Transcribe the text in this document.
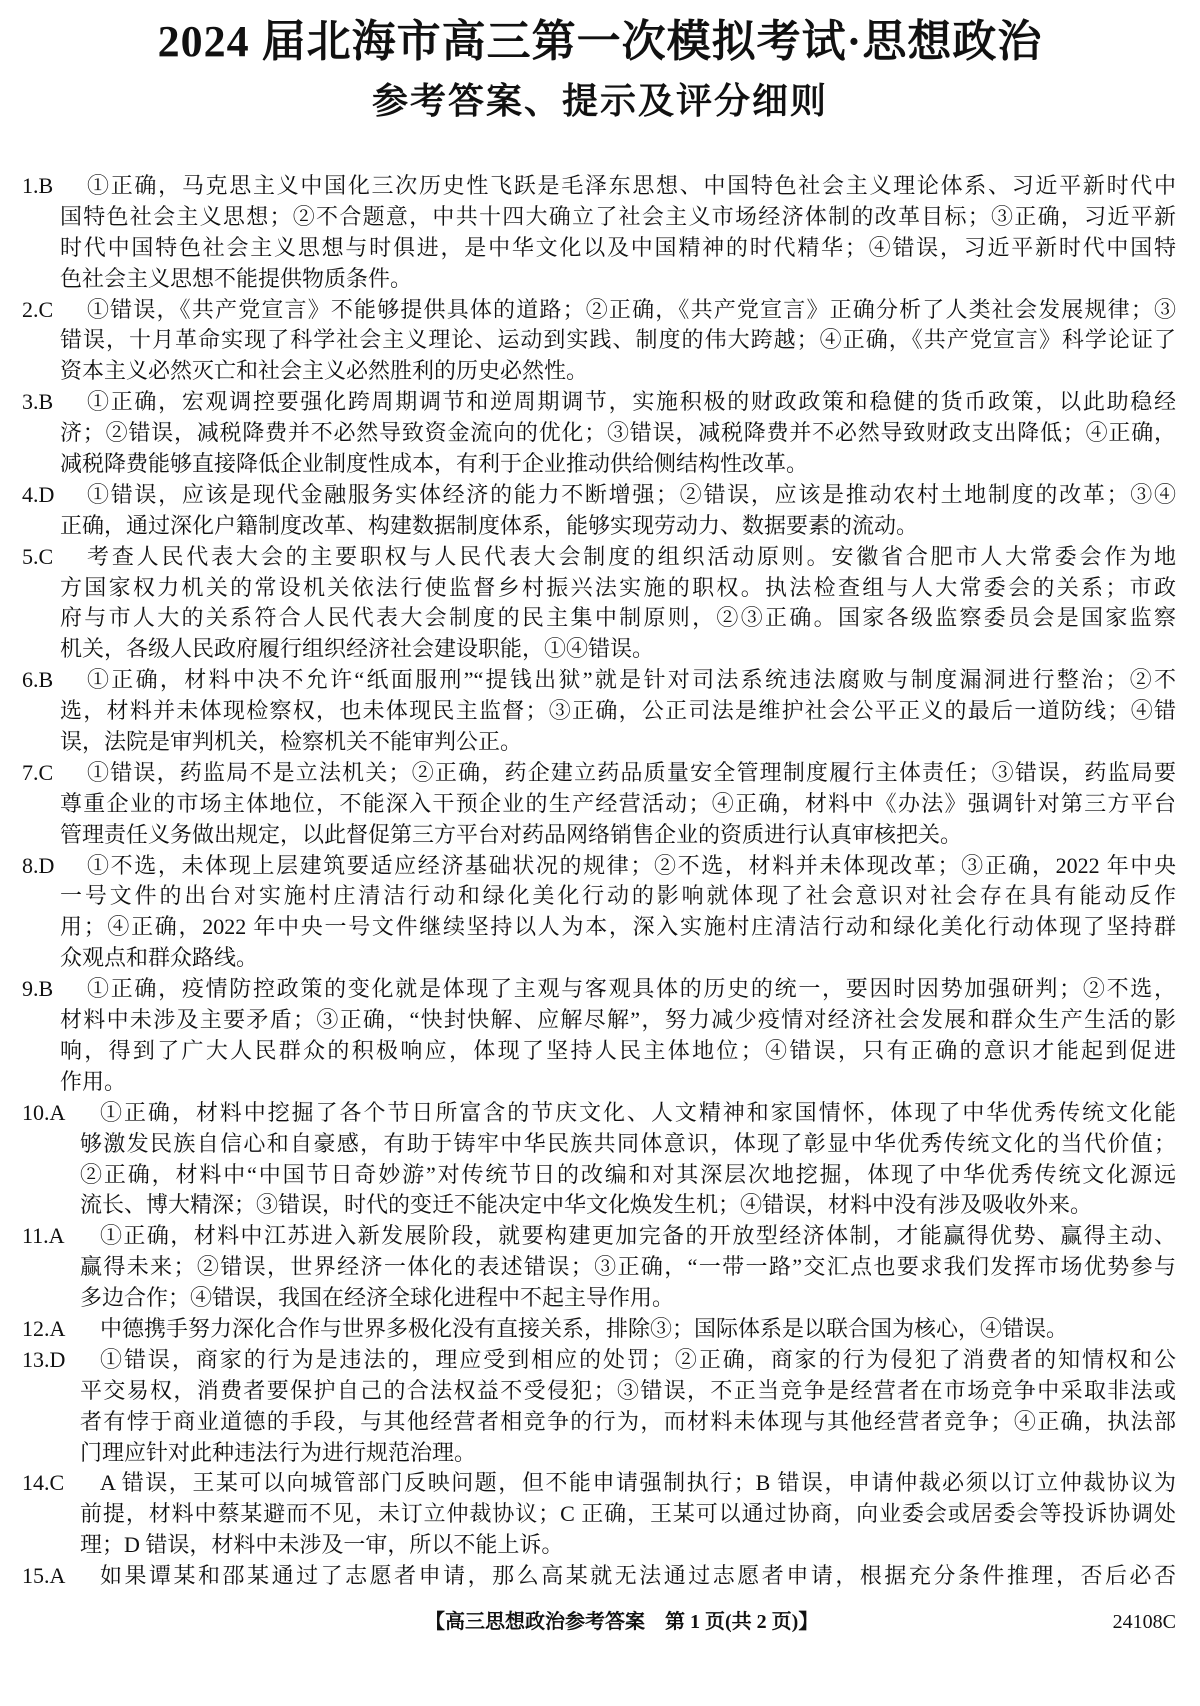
2024 届北海市高三第一次模拟考试·思想政治
参考答案、提示及评分细则
1.B	①正确，马克思主义中国化三次历史性飞跃是毛泽东思想、中国特色社会主义理论体系、习近平新时代中
国特色社会主义思想；②不合题意，中共十四大确立了社会主义市场经济体制的改革目标；③正确，习近平新
时代中国特色社会主义思想与时俱进，是中华文化以及中国精神的时代精华；④错误，习近平新时代中国特
色社会主义思想不能提供物质条件。
2.C	①错误，《共产党宣言》不能够提供具体的道路；②正确，《共产党宣言》正确分析了人类社会发展规律；③
错误，十月革命实现了科学社会主义理论、运动到实践、制度的伟大跨越；④正确，《共产党宣言》科学论证了
资本主义必然灭亡和社会主义必然胜利的历史必然性。
3.B	①正确，宏观调控要强化跨周期调节和逆周期调节，实施积极的财政政策和稳健的货币政策，以此助稳经
济；②错误，减税降费并不必然导致资金流向的优化；③错误，减税降费并不必然导致财政支出降低；④正确，
减税降费能够直接降低企业制度性成本，有利于企业推动供给侧结构性改革。
4.D	①错误，应该是现代金融服务实体经济的能力不断增强；②错误，应该是推动农村土地制度的改革；③④
正确，通过深化户籍制度改革、构建数据制度体系，能够实现劳动力、数据要素的流动。
5.C	考查人民代表大会的主要职权与人民代表大会制度的组织活动原则。安徽省合肥市人大常委会作为地
方国家权力机关的常设机关依法行使监督乡村振兴法实施的职权。执法检查组与人大常委会的关系；市政
府与市人大的关系符合人民代表大会制度的民主集中制原则，②③正确。国家各级监察委员会是国家监察
机关，各级人民政府履行组织经济社会建设职能，①④错误。
6.B	①正确，材料中决不允许“纸面服刑”“提钱出狱”就是针对司法系统违法腐败与制度漏洞进行整治；②不
选，材料并未体现检察权，也未体现民主监督；③正确，公正司法是维护社会公平正义的最后一道防线；④错
误，法院是审判机关，检察机关不能审判公正。
7.C	①错误，药监局不是立法机关；②正确，药企建立药品质量安全管理制度履行主体责任；③错误，药监局要
尊重企业的市场主体地位，不能深入干预企业的生产经营活动；④正确，材料中《办法》强调针对第三方平台
管理责任义务做出规定，以此督促第三方平台对药品网络销售企业的资质进行认真审核把关。
8.D	①不选，未体现上层建筑要适应经济基础状况的规律；②不选，材料并未体现改革；③正确，2022 年中央
一号文件的出台对实施村庄清洁行动和绿化美化行动的影响就体现了社会意识对社会存在具有能动反作
用；④正确，2022 年中央一号文件继续坚持以人为本，深入实施村庄清洁行动和绿化美化行动体现了坚持群
众观点和群众路线。
9.B	①正确，疫情防控政策的变化就是体现了主观与客观具体的历史的统一，要因时因势加强研判；②不选，
材料中未涉及主要矛盾；③正确，“快封快解、应解尽解”，努力减少疫情对经济社会发展和群众生产生活的影
响，得到了广大人民群众的积极响应，体现了坚持人民主体地位；④错误，只有正确的意识才能起到促进
作用。
10.A	①正确，材料中挖掘了各个节日所富含的节庆文化、人文精神和家国情怀，体现了中华优秀传统文化能
够激发民族自信心和自豪感，有助于铸牢中华民族共同体意识，体现了彰显中华优秀传统文化的当代价值；
②正确，材料中“中国节日奇妙游”对传统节日的改编和对其深层次地挖掘，体现了中华优秀传统文化源远
流长、博大精深；③错误，时代的变迁不能决定中华文化焕发生机；④错误，材料中没有涉及吸收外来。
11.A	①正确，材料中江苏进入新发展阶段，就要构建更加完备的开放型经济体制，才能赢得优势、赢得主动、
赢得未来；②错误，世界经济一体化的表述错误；③正确，“一带一路”交汇点也要求我们发挥市场优势参与
多边合作；④错误，我国在经济全球化进程中不起主导作用。
12.A	中德携手努力深化合作与世界多极化没有直接关系，排除③；国际体系是以联合国为核心，④错误。
13.D	①错误，商家的行为是违法的，理应受到相应的处罚；②正确，商家的行为侵犯了消费者的知情权和公
平交易权，消费者要保护自己的合法权益不受侵犯；③错误，不正当竞争是经营者在市场竞争中采取非法或
者有悖于商业道德的手段，与其他经营者相竞争的行为，而材料未体现与其他经营者竞争；④正确，执法部
门理应针对此种违法行为进行规范治理。
14.C	A 错误，王某可以向城管部门反映问题，但不能申请强制执行；B 错误，申请仲裁必须以订立仲裁协议为
前提，材料中蔡某避而不见，未订立仲裁协议；C 正确，王某可以通过协商，向业委会或居委会等投诉协调处
理；D 错误，材料中未涉及一审，所以不能上诉。
15.A	如果谭某和邵某通过了志愿者申请，那么高某就无法通过志愿者申请，根据充分条件推理，否后必否
【高三思想政治参考答案　第 1 页(共 2 页)】	24108C
